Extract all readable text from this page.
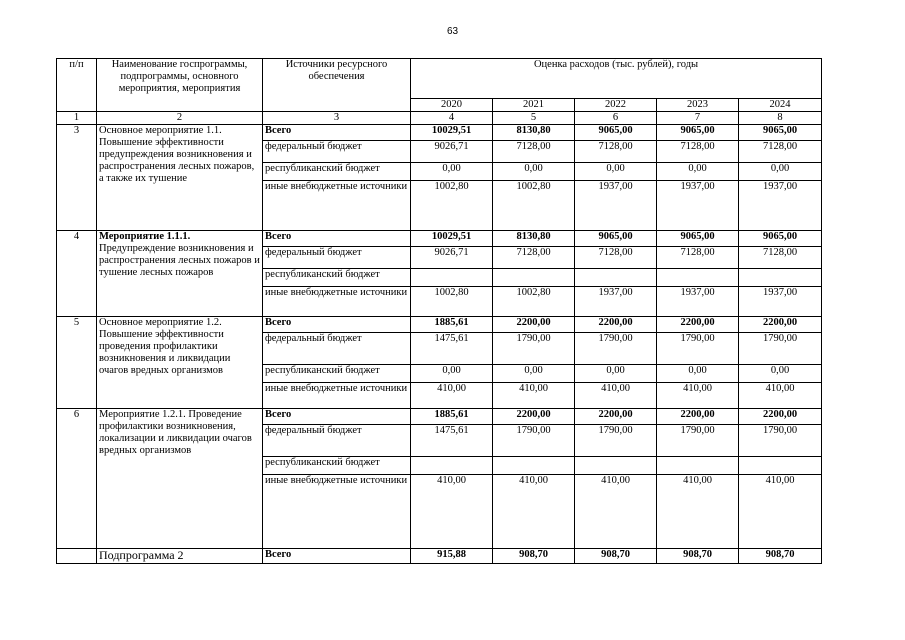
63
п/п	Наименование госпрограммы, подпрограммы, основного мероприятия, мероприятия	Источники ресурсного обеспечения	Оценка расходов (тыс. рублей), годы				
			2020	2021	2022	2023	2024
1	2	3	4	5	6	7	8
3	Основное мероприятие 1.1. Повышение эффективности предупреждения возникновения и распространения лесных пожаров, а также их тушение	Всего	10029,51	8130,80	9065,00	9065,00	9065,00
		федеральный бюджет	9026,71	7128,00	7128,00	7128,00	7128,00
		республиканский бюджет	0,00	0,00	0,00	0,00	0,00
		иные внебюджетные источники	1002,80	1002,80	1937,00	1937,00	1937,00
4	Мероприятие 1.1.1.
Предупреждение возникновения и распространения лесных пожаров и тушение лесных пожаров	Всего	10029,51	8130,80	9065,00	9065,00	9065,00
		федеральный бюджет	9026,71	7128,00	7128,00	7128,00	7128,00
		республиканский бюджет					
		иные внебюджетные источники	1002,80	1002,80	1937,00	1937,00	1937,00
5	Основное мероприятие 1.2. Повышение эффективности проведения профилактики возникновения и ликвидации очагов вредных организмов	Всего	1885,61	2200,00	2200,00	2200,00	2200,00
		федеральный бюджет	1475,61	1790,00	1790,00	1790,00	1790,00
		республиканский бюджет	0,00	0,00	0,00	0,00	0,00
		иные внебюджетные источники	410,00	410,00	410,00	410,00	410,00
6	Мероприятие 1.2.1. Проведение профилактики возникновения, локализации и ликвидации очагов вредных организмов	Всего	1885,61	2200,00	2200,00	2200,00	2200,00
		федеральный бюджет	1475,61	1790,00	1790,00	1790,00	1790,00
		республиканский бюджет					
		иные внебюджетные источники	410,00	410,00	410,00	410,00	410,00
	Подпрограмма 2	Всего	915,88	908,70	908,70	908,70	908,70
